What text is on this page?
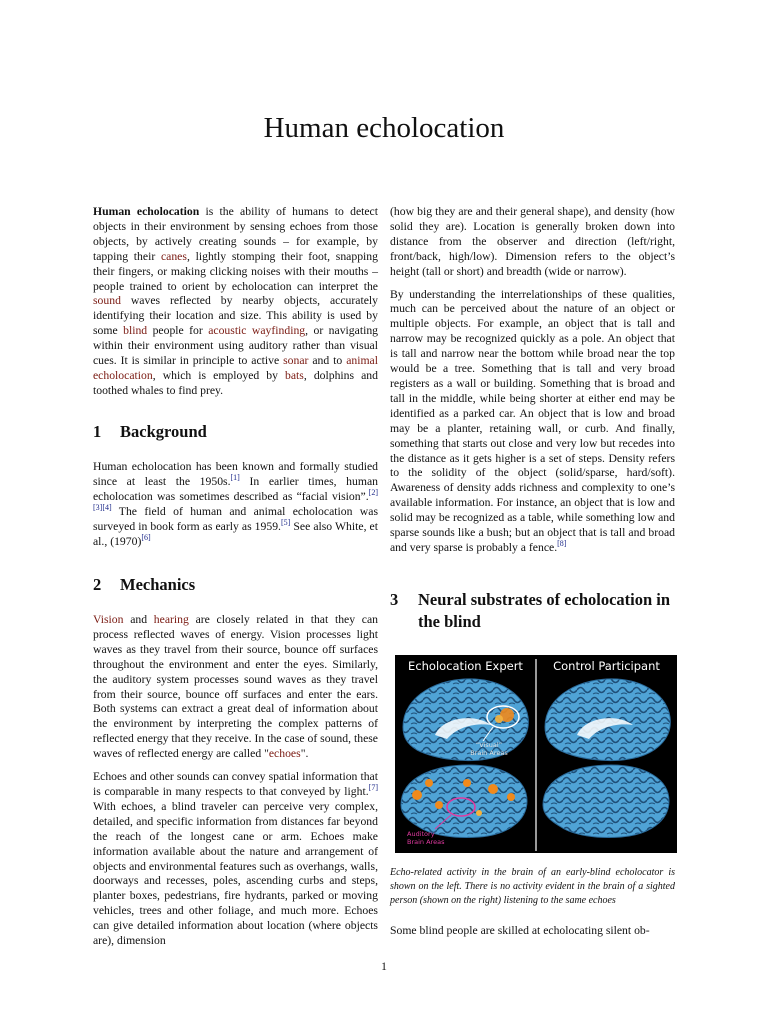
Human echolocation

Human echolocation is the ability of humans to detect objects in their environment by sensing echoes from those objects, by actively creating sounds – for example, by tapping their canes, lightly stomping their foot, snapping their fingers, or making clicking noises with their mouths – people trained to orient by echolocation can interpret the sound waves reflected by nearby objects, accurately identifying their location and size. This ability is used by some blind people for acoustic wayfinding, or navigating within their environment using auditory rather than visual cues. It is similar in principle to active sonar and to animal echolocation, which is employed by bats, dolphins and toothed whales to find prey.

1 Background

Human echolocation has been known and formally studied since at least the 1950s.[1] In earlier times, human echolocation was sometimes described as “facial vision”.[2][3][4] The field of human and animal echolocation was surveyed in book form as early as 1959.[5] See also White, et al., (1970)[6]

2 Mechanics

Vision and hearing are closely related in that they can process reflected waves of energy. Vision processes light waves as they travel from their source, bounce off surfaces throughout the environment and enter the eyes. Similarly, the auditory system processes sound waves as they travel from their source, bounce off surfaces and enter the ears. Both systems can extract a great deal of information about the environment by interpreting the complex patterns of reflected energy that they receive. In the case of sound, these waves of reflected energy are called "echoes".

Echoes and other sounds can convey spatial information that is comparable in many respects to that conveyed by light.[7] With echoes, a blind traveler can perceive very complex, detailed, and specific information from distances far beyond the reach of the longest cane or arm. Echoes make information available about the nature and arrangement of objects and environmental features such as overhangs, walls, doorways and recesses, poles, ascending curbs and steps, planter boxes, pedestrians, fire hydrants, parked or moving vehicles, trees and other foliage, and much more. Echoes can give detailed information about location (where objects are), dimension

(how big they are and their general shape), and density (how solid they are). Location is generally broken down into distance from the observer and direction (left/right, front/back, high/low). Dimension refers to the object’s height (tall or short) and breadth (wide or narrow).

By understanding the interrelationships of these qualities, much can be perceived about the nature of an object or multiple objects. For example, an object that is tall and narrow may be recognized quickly as a pole. An object that is tall and narrow near the bottom while broad near the top would be a tree. Something that is tall and very broad registers as a wall or building. Something that is broad and tall in the middle, while being shorter at either end may be identified as a parked car. An object that is low and broad may be a planter, retaining wall, or curb. And finally, something that starts out close and very low but recedes into the distance as it gets higher is a set of steps. Density refers to the solidity of the object (solid/sparse, hard/soft). Awareness of density adds richness and complexity to one’s available information. For instance, an object that is low and solid may be recognized as a table, while something low and sparse sounds like a bush; but an object that is tall and broad and very sparse is probably a fence.[8]

3	Neural substrates of echolocation in the blind
Echolocation Expert	Control Participant
“Visual”
Brain Areas
Auditory
Brain Areas
Echo-related activity in the brain of an early-blind echolocator is shown on the left. There is no activity evident in the brain of a sighted person (shown on the right) listening to the same echoes
Some blind people are skilled at echolocating silent ob-
1
